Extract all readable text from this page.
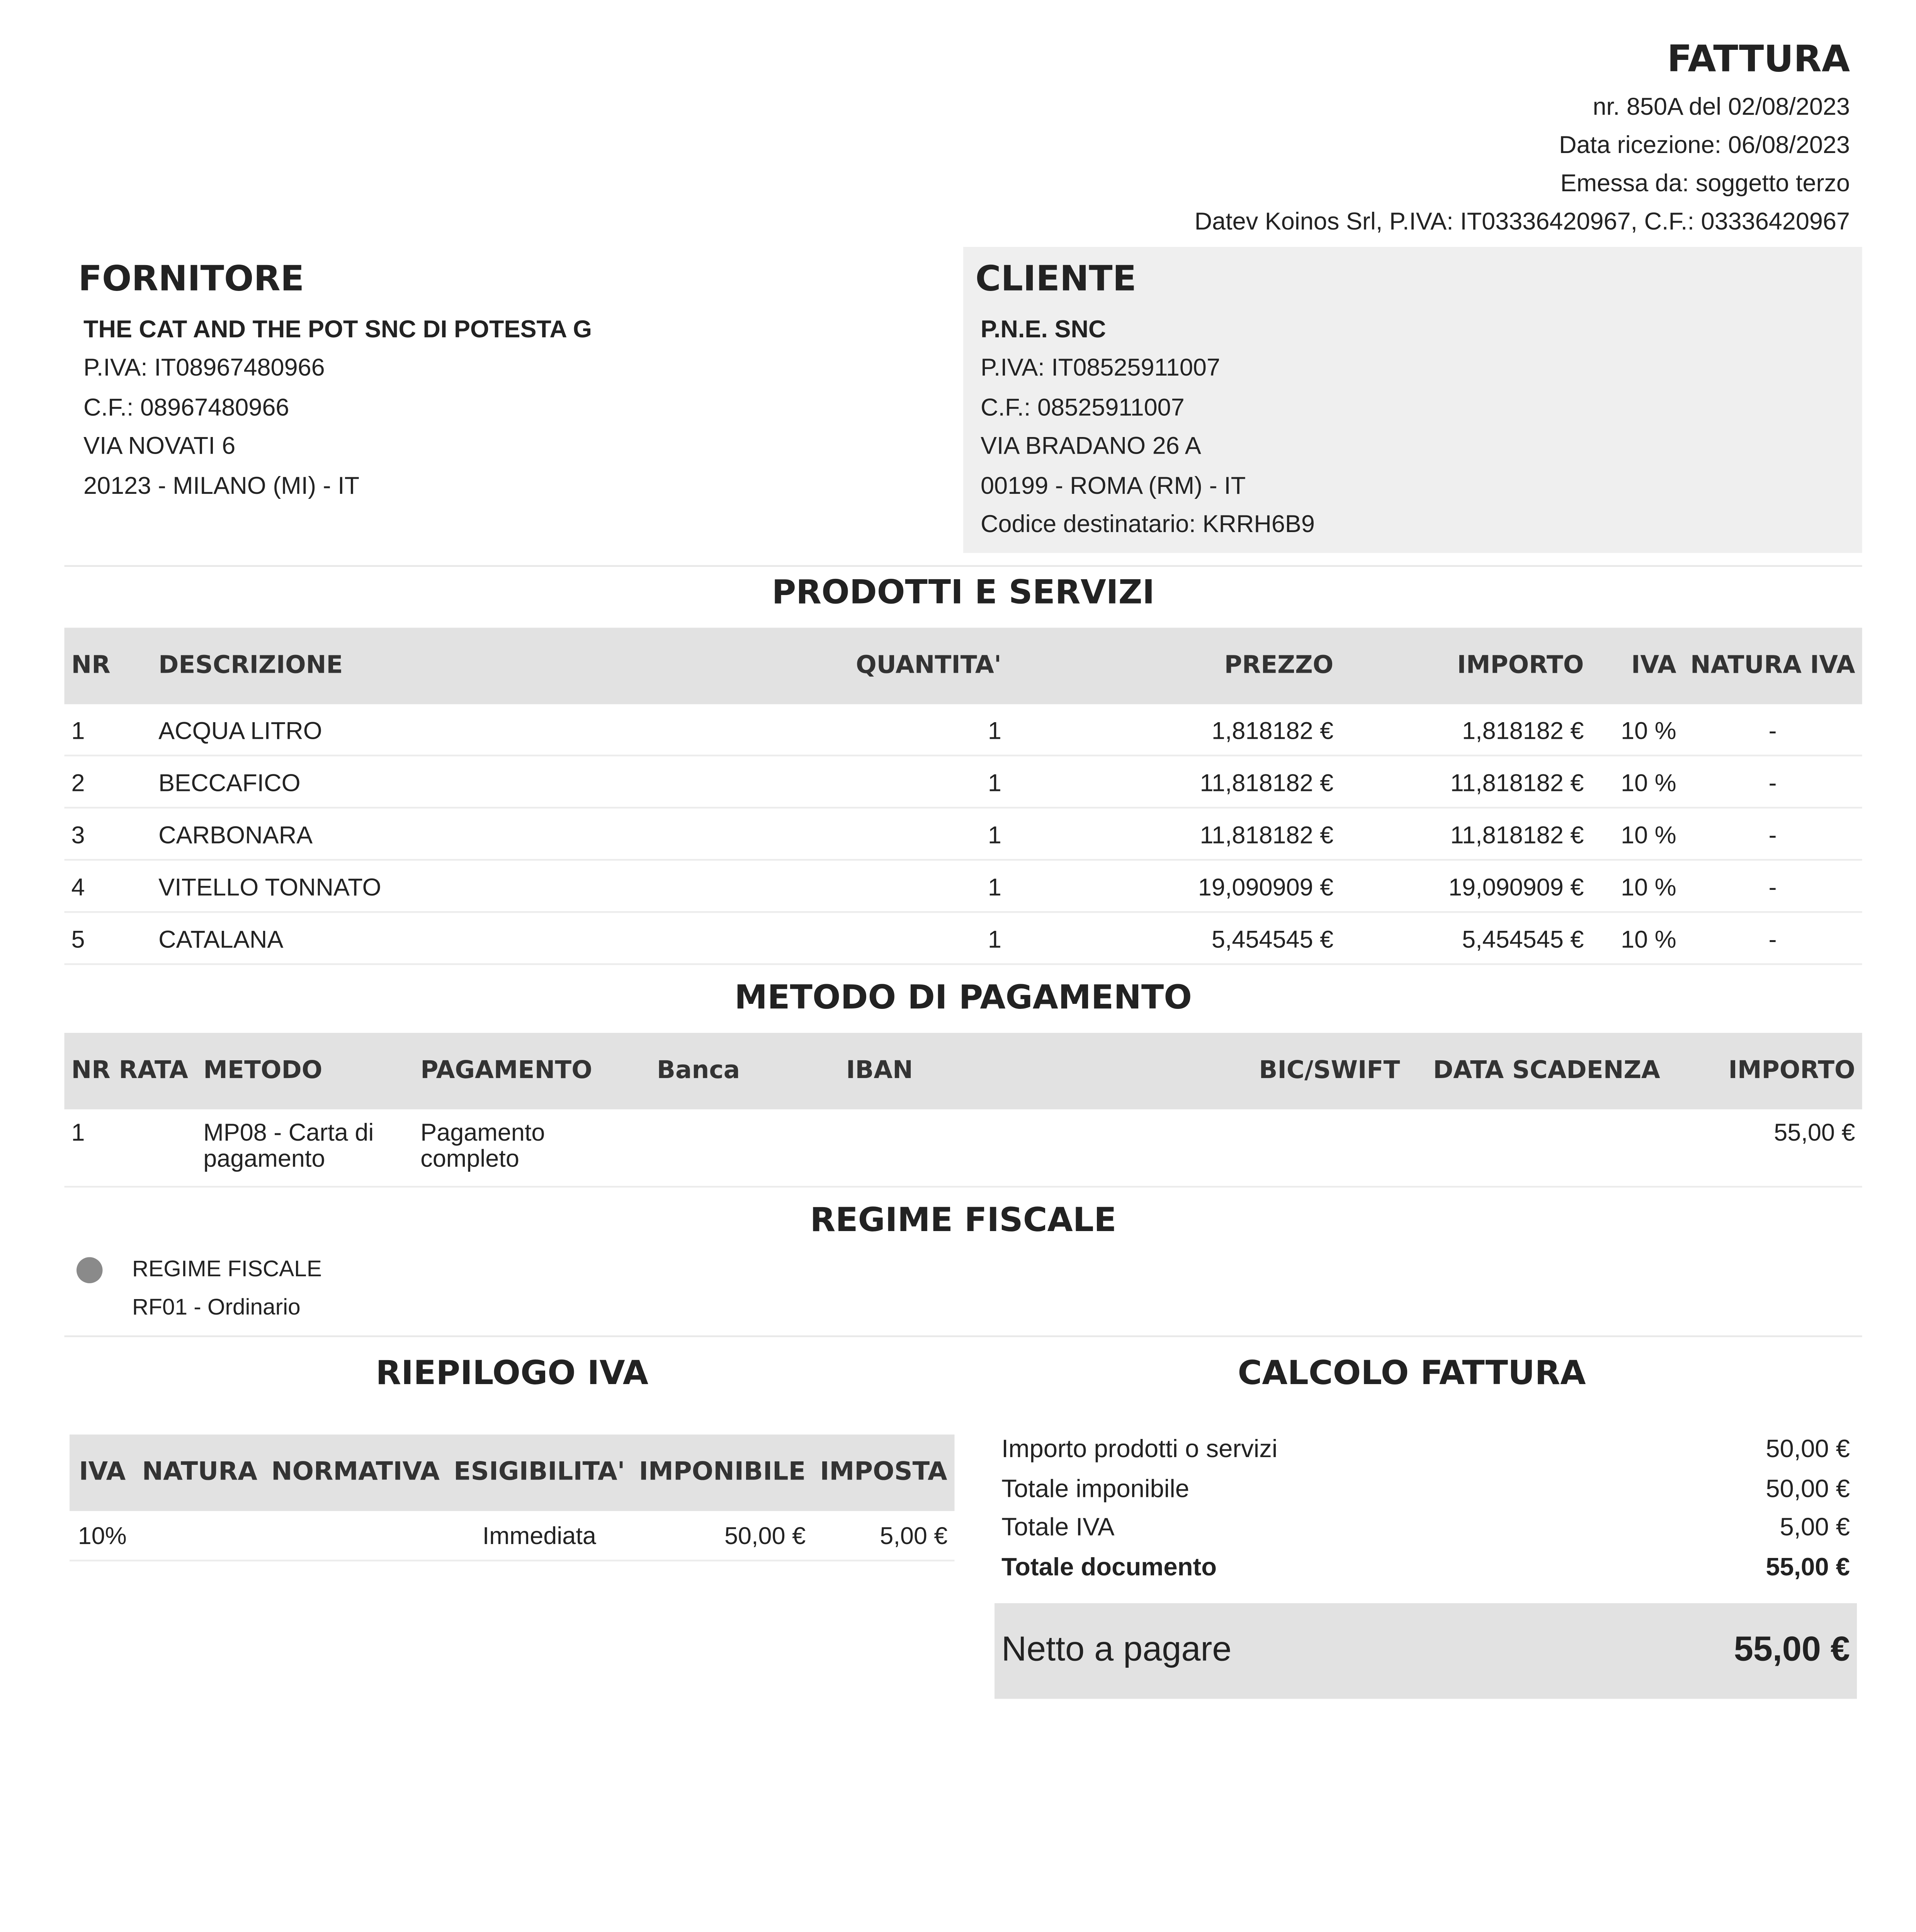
FATTURA
nr. 850A del 02/08/2023
Data ricezione: 06/08/2023
Emessa da: soggetto terzo
Datev Koinos Srl, P.IVA: IT03336420967, C.F.: 03336420967
FORNITORE
THE CAT AND THE POT SNC DI POTESTA G
P.IVA: IT08967480966
C.F.: 08967480966
VIA NOVATI 6
20123 - MILANO (MI) - IT
CLIENTE
P.N.E. SNC
P.IVA: IT08525911007
C.F.: 08525911007
VIA BRADANO 26 A
00199 - ROMA (RM) - IT
Codice destinatario: KRRH6B9
PRODOTTI E SERVIZI
NR	DESCRIZIONE	QUANTITA'	PREZZO	IMPORTO	IVA	NATURA IVA
1	ACQUA LITRO	1	1,818182 €	1,818182 €	10 %	-
2	BECCAFICO	1	11,818182 €	11,818182 €	10 %	-
3	CARBONARA	1	11,818182 €	11,818182 €	10 %	-
4	VITELLO TONNATO	1	19,090909 €	19,090909 €	10 %	-
5	CATALANA	1	5,454545 €	5,454545 €	10 %	-
METODO DI PAGAMENTO
NR RATA	METODO	PAGAMENTO	Banca	IBAN	BIC/SWIFT	DATA SCADENZA	IMPORTO
1	MP08 - Carta di pagamento	Pagamento completo					55,00 €
REGIME FISCALE
REGIME FISCALE
RF01 - Ordinario
RIEPILOGO IVA
IVA	NATURA	NORMATIVA	ESIGIBILITA'	IMPONIBILE	IMPOSTA
10%			Immediata	50,00 €	5,00 €
CALCOLO FATTURA
Importo prodotti o servizi	50,00 €
Totale imponibile	50,00 €
Totale IVA	5,00 €
Totale documento	55,00 €
Netto a pagare	55,00 €
